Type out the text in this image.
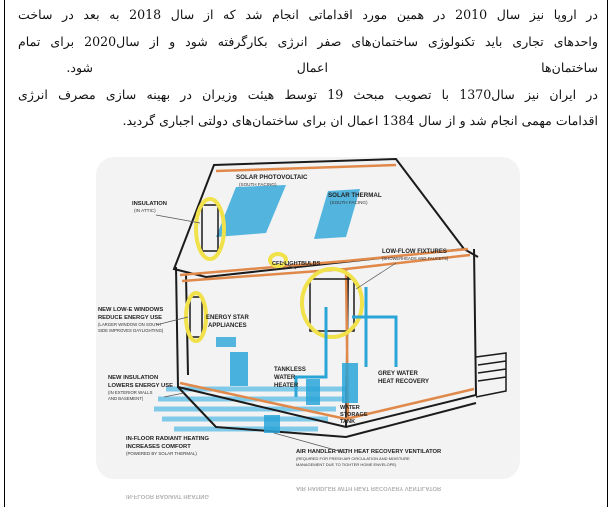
در اروپا نیز سال 2010 در همین مورد اقداماتی انجام شد که از سال 2018 به بعد در ساخت
واحدهای تجاری باید تکنولوژی ساختمان‌های صفر انرژی بکارگرفته شود و از سال2020 برای تمام
ساختمان‌ها
اعمال
شود.
در ایران نیز سال1370 با تصویب مبحث 19 توسط هیئت وزیران در بهینه سازی مصرف انرژی
اقدامات مهمی انجام شد و از سال 1384 اعمال ان برای ساختمان‌های دولتی اجباری گردید.
SOLAR PHOTOVOLTAIC
(SOUTH FACING)
SOLAR THERMAL
(SOUTH FACING)
INSULATION
(IN ATTIC)
CFL LIGHTBULBS
LOW-FLOW FIXTURES
(SHOWERHEADS AND FAUCETS)
NEW LOW-E WINDOWS
REDUCE ENERGY USE
(LARGER WINDOW ON SOUTH
SIDE IMPROVES DAYLIGHTING)
ENERGY STAR
APPLIANCES
NEW INSULATION
LOWERS ENERGY USE
(IN EXTERIOR WALLS
AND BASEMENT)
TANKLESS
WATER
HEATER
GREY WATER
HEAT RECOVERY
WATER
STORAGE
TANK
IN-FLOOR RADIANT HEATING
INCREASES COMFORT
(POWERED BY SOLAR THERMAL)	AIR HANDLER WITH HEAT RECOVERY VENTILATOR
(REQUIRED FOR FRESH AIR CIRCULATION AND MOISTURE
MANAGEMENT DUE TO TIGHTER HOME ENVELOPE)
AIR HANDLER WITH HEAT RECOVERY VENTILATOR
IN-FLOOR RADIANT HEATING
